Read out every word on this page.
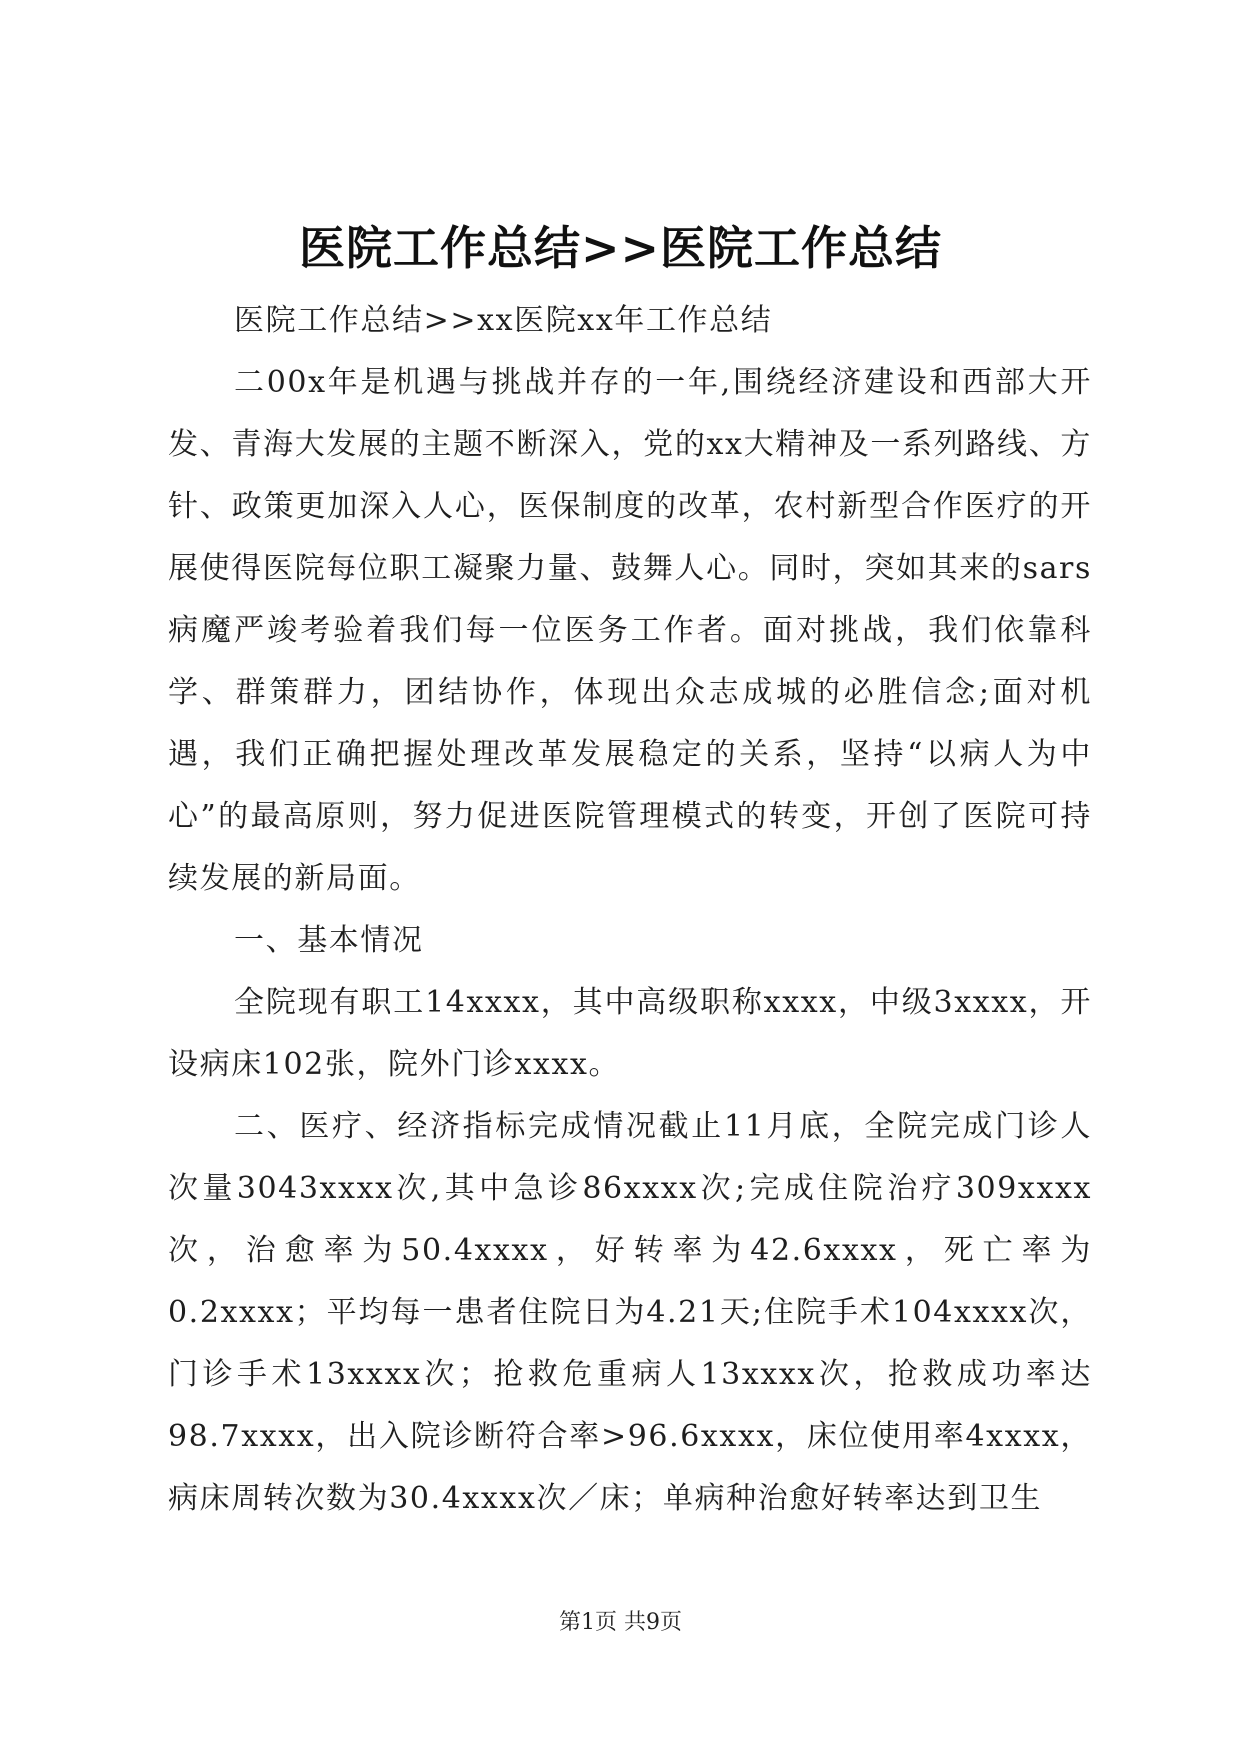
医院工作总结>>医院工作总结

医院工作总结>>xx医院xx年工作总结

二00x年是机遇与挑战并存的一年,围绕经济建设和西部大开发、青海大发展的主题不断深入，党的xx大精神及一系列路线、方针、政策更加深入人心，医保制度的改革，农村新型合作医疗的开展使得医院每位职工凝聚力量、鼓舞人心。同时，突如其来的sars病魔严竣考验着我们每一位医务工作者。面对挑战，我们依靠科学、群策群力，团结协作，体现出众志成城的必胜信念;面对机遇，我们正确把握处理改革发展稳定的关系，坚持“以病人为中心”的最高原则，努力促进医院管理模式的转变，开创了医院可持续发展的新局面。

一、基本情况

全院现有职工14xxxx，其中高级职称xxxx，中级3xxxx，开设病床102张，院外门诊xxxx。

二、医疗、经济指标完成情况截止11月底，全院完成门诊人次量3043xxxx次,其中急诊86xxxx次;完成住院治疗309xxxx次，治愈率为50.4xxxx，好转率为42.6xxxx，死亡率为0.2xxxx；平均每一患者住院日为4.21天;住院手术104xxxx次，门诊手术13xxxx次；抢救危重病人13xxxx次，抢救成功率达98.7xxxx，出入院诊断符合率>96.6xxxx，床位使用率4xxxx，病床周转次数为30.4xxxx次／床；单病种治愈好转率达到卫生

第1页 共9页
